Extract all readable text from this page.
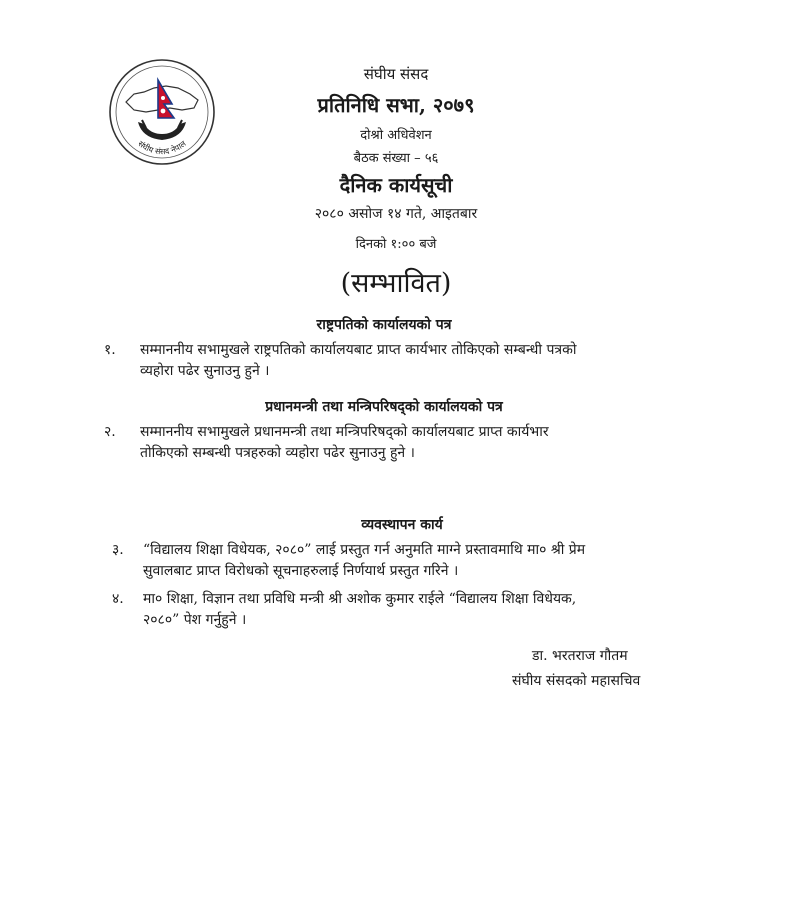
संघीय संसद नेपाल
संघीय संसद
प्रतिनिधि सभा, २०७९
दोश्रो अधिवेशन
बैठक संख्या – ५६
दैनिक कार्यसूची
२०८० असोज १४ गते, आइतबार
दिनको १:०० बजे
(सम्भावित)
राष्ट्रपतिको कार्यालयको पत्र
१. सम्माननीय सभामुखले राष्ट्रपतिको कार्यालयबाट प्राप्त कार्यभार तोकिएको सम्बन्धी पत्रको
व्यहोरा पढेर सुनाउनु हुने ।
प्रधानमन्त्री तथा मन्त्रिपरिषद्को कार्यालयको पत्र
२. सम्माननीय सभामुखले प्रधानमन्त्री तथा मन्त्रिपरिषद्को कार्यालयबाट प्राप्त कार्यभार
तोकिएको सम्बन्धी पत्रहरुको व्यहोरा पढेर सुनाउनु हुने ।
व्यवस्थापन कार्य
३. “विद्यालय शिक्षा विधेयक, २०८०” लाई प्रस्तुत गर्न अनुमति माग्ने प्रस्तावमाथि मा० श्री प्रेम
सुवालबाट प्राप्त विरोधको सूचनाहरुलाई निर्णयार्थ प्रस्तुत गरिने ।
४. मा० शिक्षा, विज्ञान तथा प्रविधि मन्त्री श्री अशोक कुमार राईले “विद्यालय शिक्षा विधेयक,
२०८०” पेश गर्नुहुने ।
डा. भरतराज गौतम
संघीय संसदको महासचिव
